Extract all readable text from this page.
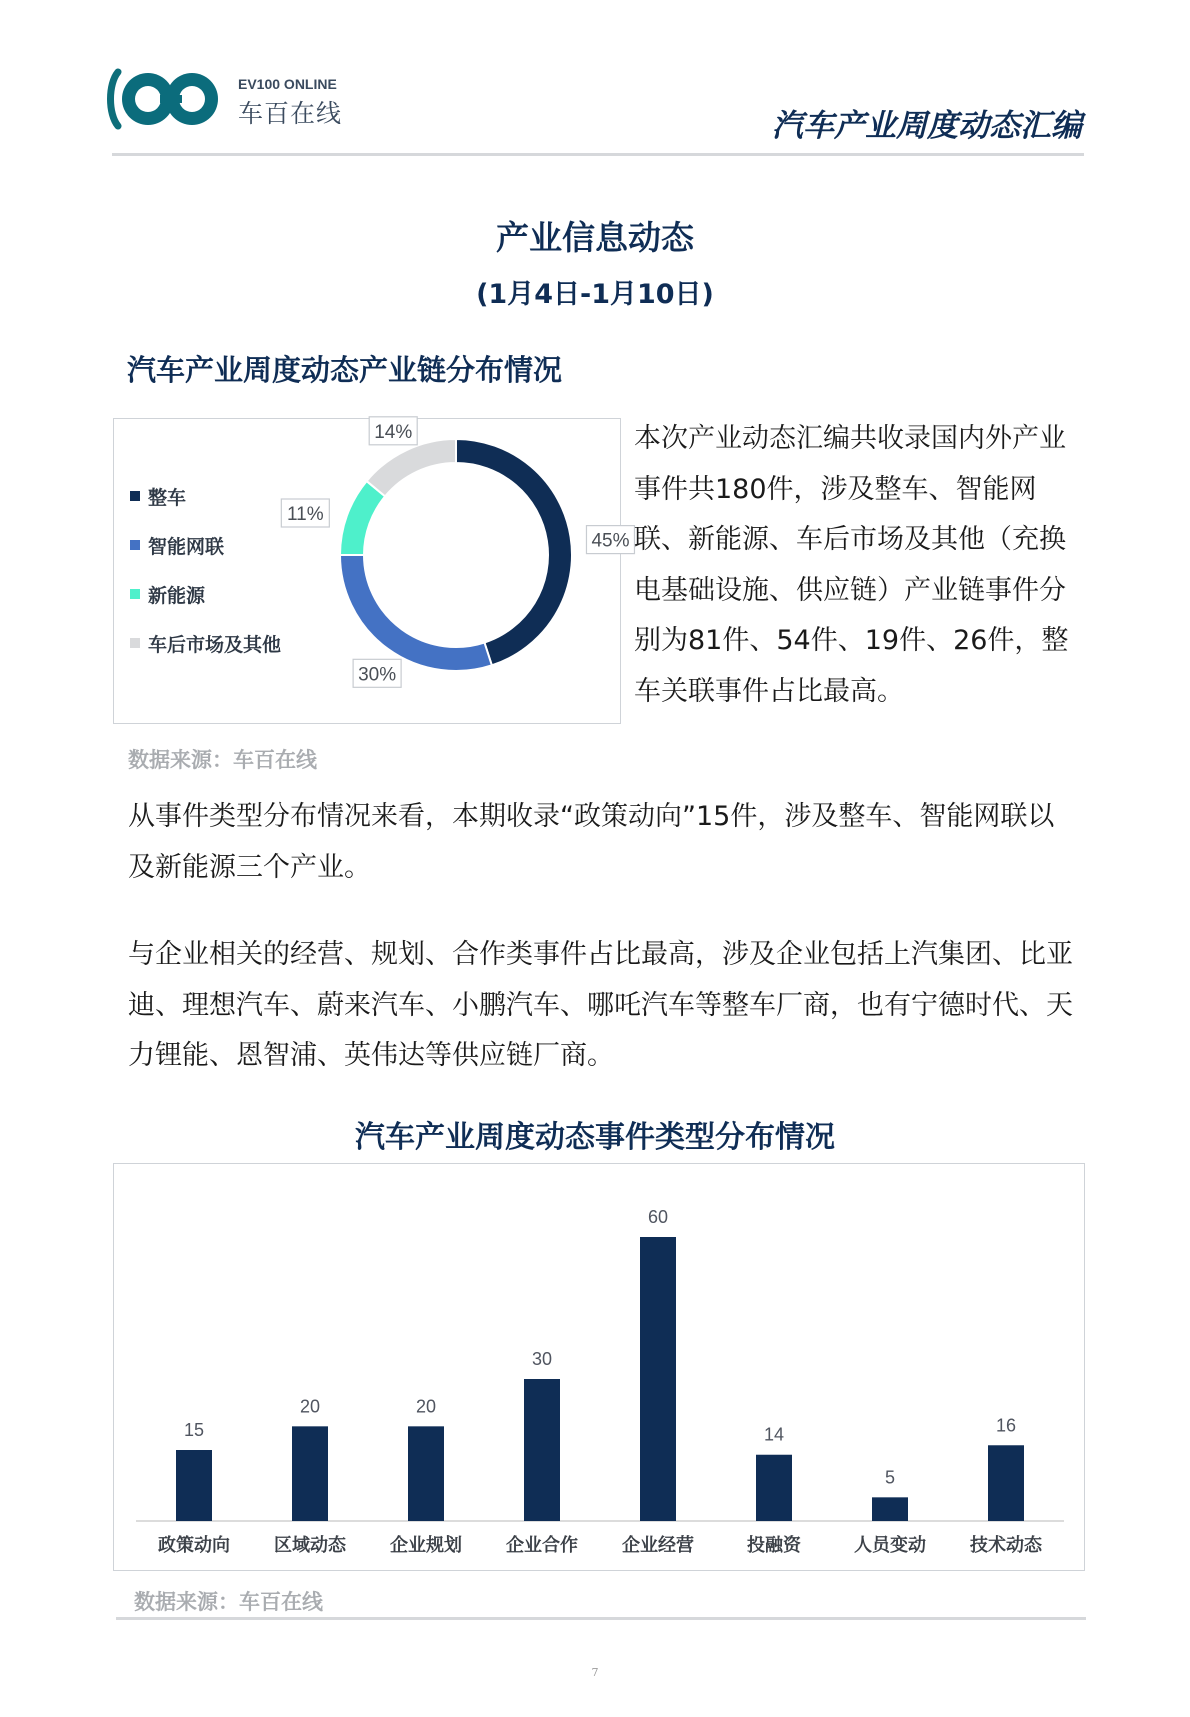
EV100 ONLINE
车百在线	汽车产业周度动态汇编
产业信息动态
(1月4日-1月10日)
汽车产业周度动态产业链分布情况
45%
30%
11%
14%
整车
智能网联
新能源
车后市场及其他
本次产业动态汇编共收录国内外产业事件共180件，涉及整车、智能网联、新能源、车后市场及其他（充换电基础设施、供应链）产业链事件分别为81件、54件、19件、26件，整车关联事件占比最高。
数据来源：车百在线
从事件类型分布情况来看，本期收录“政策动向”15件，涉及整车、智能网联以及新能源三个产业。
与企业相关的经营、规划、合作类事件占比最高，涉及企业包括上汽集团、比亚迪、理想汽车、蔚来汽车、小鹏汽车、哪吒汽车等整车厂商，也有宁德时代、天力锂能、恩智浦、英伟达等供应链厂商。
汽车产业周度动态事件类型分布情况
15
政策动向
20
区域动态
20
企业规划
30
企业合作
60
企业经营
14
投融资
5
人员变动
16
技术动态
数据来源：车百在线
7
